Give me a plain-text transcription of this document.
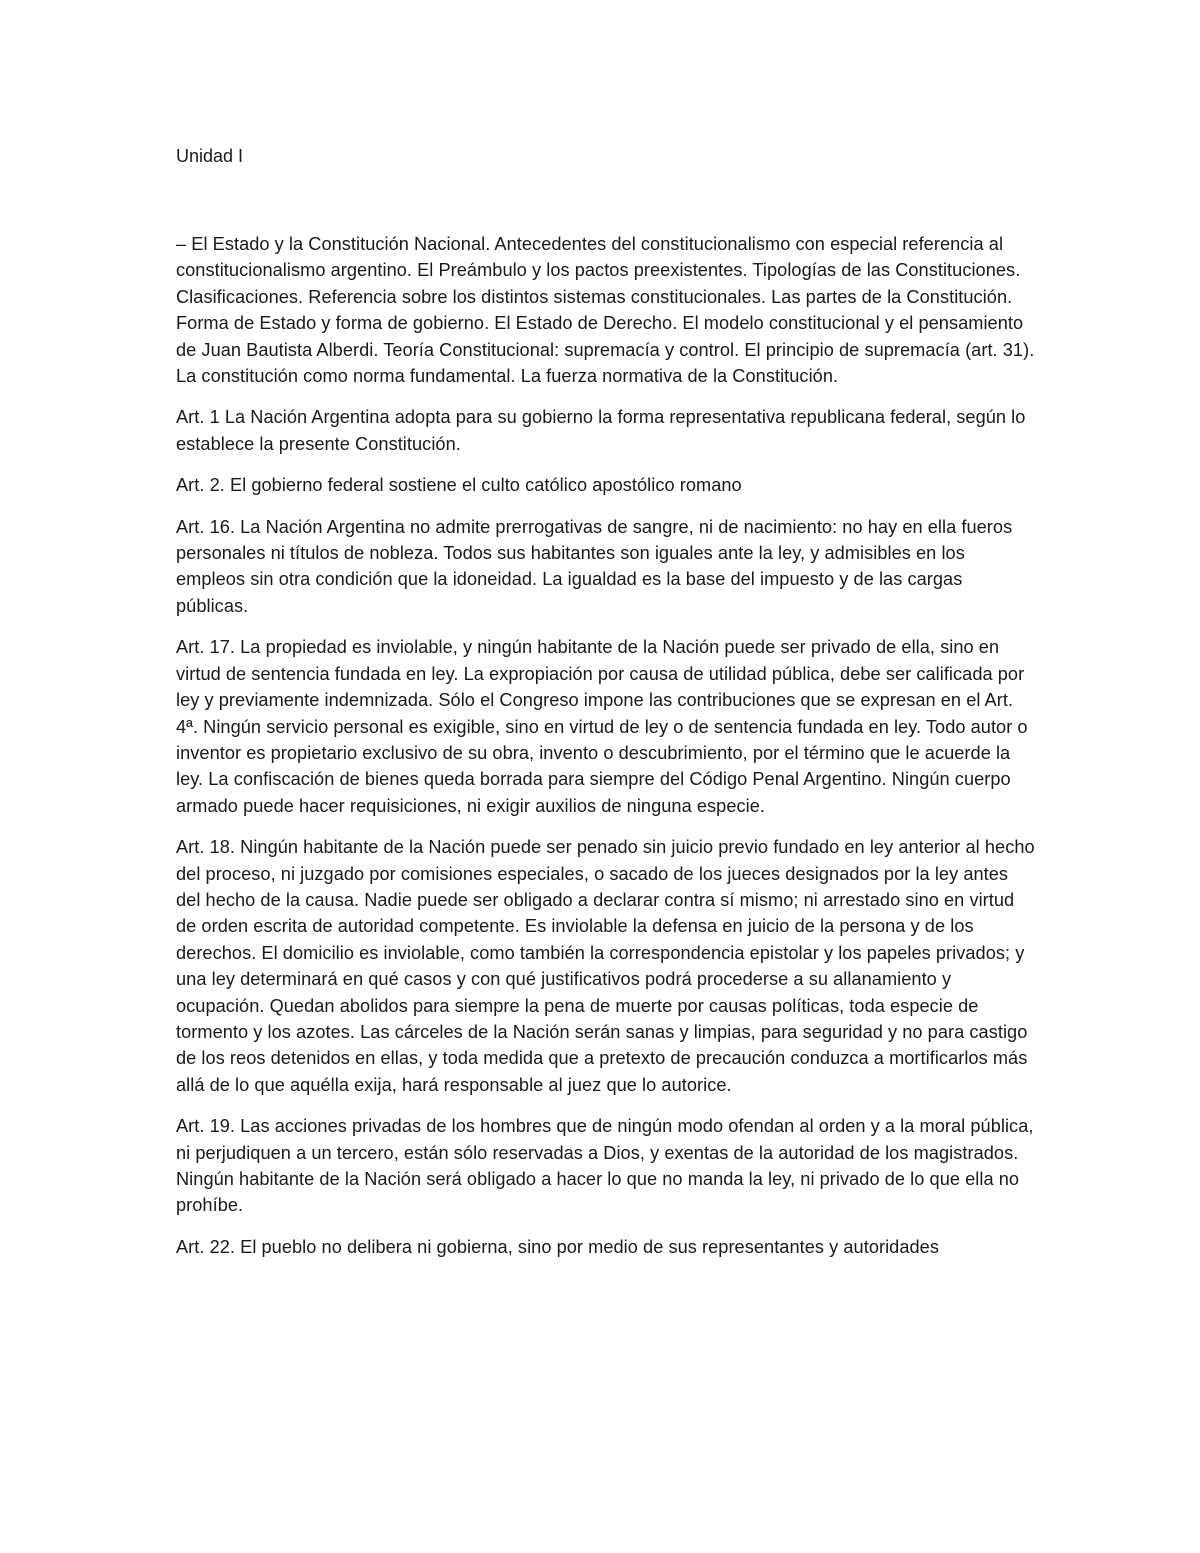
Unidad I

– El Estado y la Constitución Nacional. Antecedentes del constitucionalismo con especial referencia al constitucionalismo argentino. El Preámbulo y los pactos preexistentes. Tipologías de las Constituciones. Clasificaciones. Referencia sobre los distintos sistemas constitucionales. Las partes de la Constitución. Forma de Estado y forma de gobierno. El Estado de Derecho. El modelo constitucional y el pensamiento de Juan Bautista Alberdi. Teoría Constitucional: supremacía y control. El principio de supremacía (art. 31). La constitución como norma fundamental. La fuerza normativa de la Constitución.

Art. 1 La Nación Argentina adopta para su gobierno la forma representativa republicana federal, según lo establece la presente Constitución.

Art. 2. El gobierno federal sostiene el culto católico apostólico romano

Art. 16. La Nación Argentina no admite prerrogativas de sangre, ni de nacimiento: no hay en ella fueros personales ni títulos de nobleza. Todos sus habitantes son iguales ante la ley, y admisibles en los empleos sin otra condición que la idoneidad. La igualdad es la base del impuesto y de las cargas públicas.

Art. 17. La propiedad es inviolable, y ningún habitante de la Nación puede ser privado de ella, sino en virtud de sentencia fundada en ley. La expropiación por causa de utilidad pública, debe ser calificada por ley y previamente indemnizada. Sólo el Congreso impone las contribuciones que se expresan en el Art. 4ª. Ningún servicio personal es exigible, sino en virtud de ley o de sentencia fundada en ley. Todo autor o inventor es propietario exclusivo de su obra, invento o descubrimiento, por el término que le acuerde la ley. La confiscación de bienes queda borrada para siempre del Código Penal Argentino. Ningún cuerpo armado puede hacer requisiciones, ni exigir auxilios de ninguna especie.

Art. 18. Ningún habitante de la Nación puede ser penado sin juicio previo fundado en ley anterior al hecho del proceso, ni juzgado por comisiones especiales, o sacado de los jueces designados por la ley antes del hecho de la causa. Nadie puede ser obligado a declarar contra sí mismo; ni arrestado sino en virtud de orden escrita de autoridad competente. Es inviolable la defensa en juicio de la persona y de los derechos. El domicilio es inviolable, como también la correspondencia epistolar y los papeles privados; y una ley determinará en qué casos y con qué justificativos podrá procederse a su allanamiento y ocupación. Quedan abolidos para siempre la pena de muerte por causas políticas, toda especie de tormento y los azotes. Las cárceles de la Nación serán sanas y limpias, para seguridad y no para castigo de los reos detenidos en ellas, y toda medida que a pretexto de precaución conduzca a mortificarlos más allá de lo que aquélla exija, hará responsable al juez que lo autorice.

Art. 19. Las acciones privadas de los hombres que de ningún modo ofendan al orden y a la moral pública, ni perjudiquen a un tercero, están sólo reservadas a Dios, y exentas de la autoridad de los magistrados. Ningún habitante de la Nación será obligado a hacer lo que no manda la ley, ni privado de lo que ella no prohíbe.

Art. 22. El pueblo no delibera ni gobierna, sino por medio de sus representantes y autoridades
